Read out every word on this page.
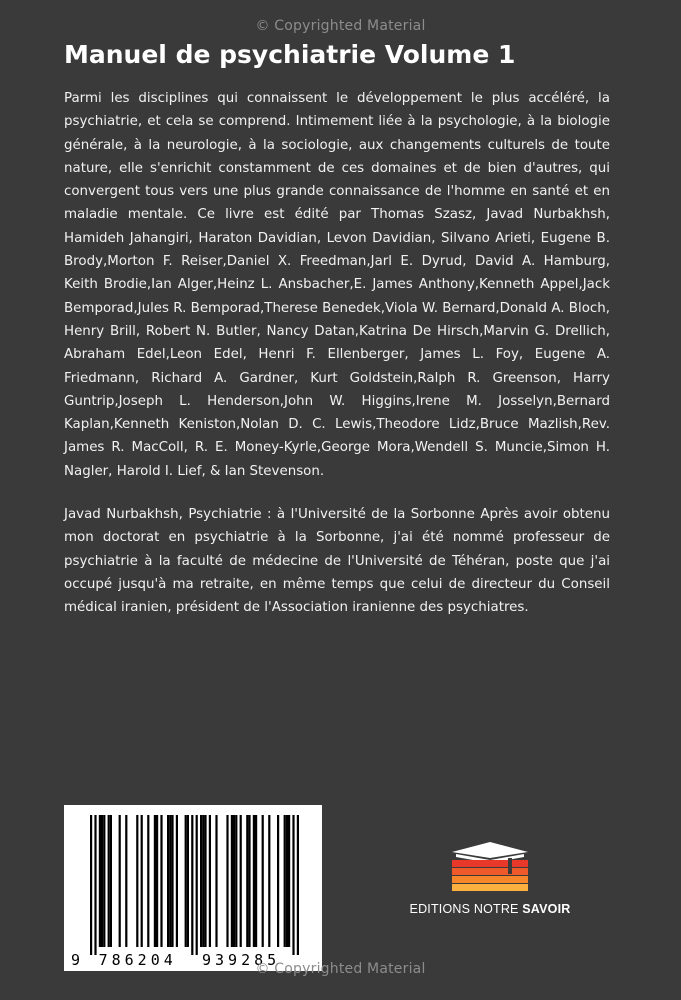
© Copyrighted Material
Manuel de psychiatrie Volume 1

Parmi les disciplines qui connaissent le développement le plus accéléré, la psychiatrie, et cela se comprend. Intimement liée à la psychologie, à la biologie générale, à la neurologie, à la sociologie, aux changements culturels de toute nature, elle s'enrichit constamment de ces domaines et de bien d'autres, qui convergent tous vers une plus grande connaissance de l'homme en santé et en maladie mentale. Ce livre est édité par Thomas Szasz, Javad Nurbakhsh, Hamideh Jahangiri, Haraton Davidian, Levon Davidian, Silvano Arieti, Eugene B. Brody,Morton F. Reiser,Daniel X. Freedman,Jarl E. Dyrud, David A. Hamburg, Keith Brodie,Ian Alger,Heinz L. Ansbacher,E. James Anthony,Kenneth Appel,Jack Bemporad,Jules R. Bemporad,Therese Benedek,Viola W. Bernard,Donald A. Bloch, Henry Brill, Robert N. Butler, Nancy Datan,Katrina De Hirsch,Marvin G. Drellich, Abraham Edel,Leon Edel, Henri F. Ellenberger, James L. Foy, Eugene A. Friedmann, Richard A. Gardner, Kurt Goldstein,Ralph R. Greenson, Harry Guntrip,Joseph L. Henderson,John W. Higgins,Irene M. Josselyn,Bernard Kaplan,Kenneth Keniston,Nolan D. C. Lewis,Theodore Lidz,Bruce Mazlish,Rev. James R. MacColl, R. E. Money-Kyrle,George Mora,Wendell S. Muncie,Simon H. Nagler, Harold I. Lief, & Ian Stevenson.

Javad Nurbakhsh, Psychiatrie : à l'Université de la Sorbonne Après avoir obtenu mon doctorat en psychiatrie à la Sorbonne, j'ai été nommé professeur de psychiatrie à la faculté de médecine de l'Université de Téhéran, poste que j'ai occupé jusqu'à ma retraite, en même temps que celui de directeur du Conseil médical iranien, président de l'Association iranienne des psychiatres.

9 786204 939285
EDITIONS NOTRE SAVOIR
© Copyrighted Material
